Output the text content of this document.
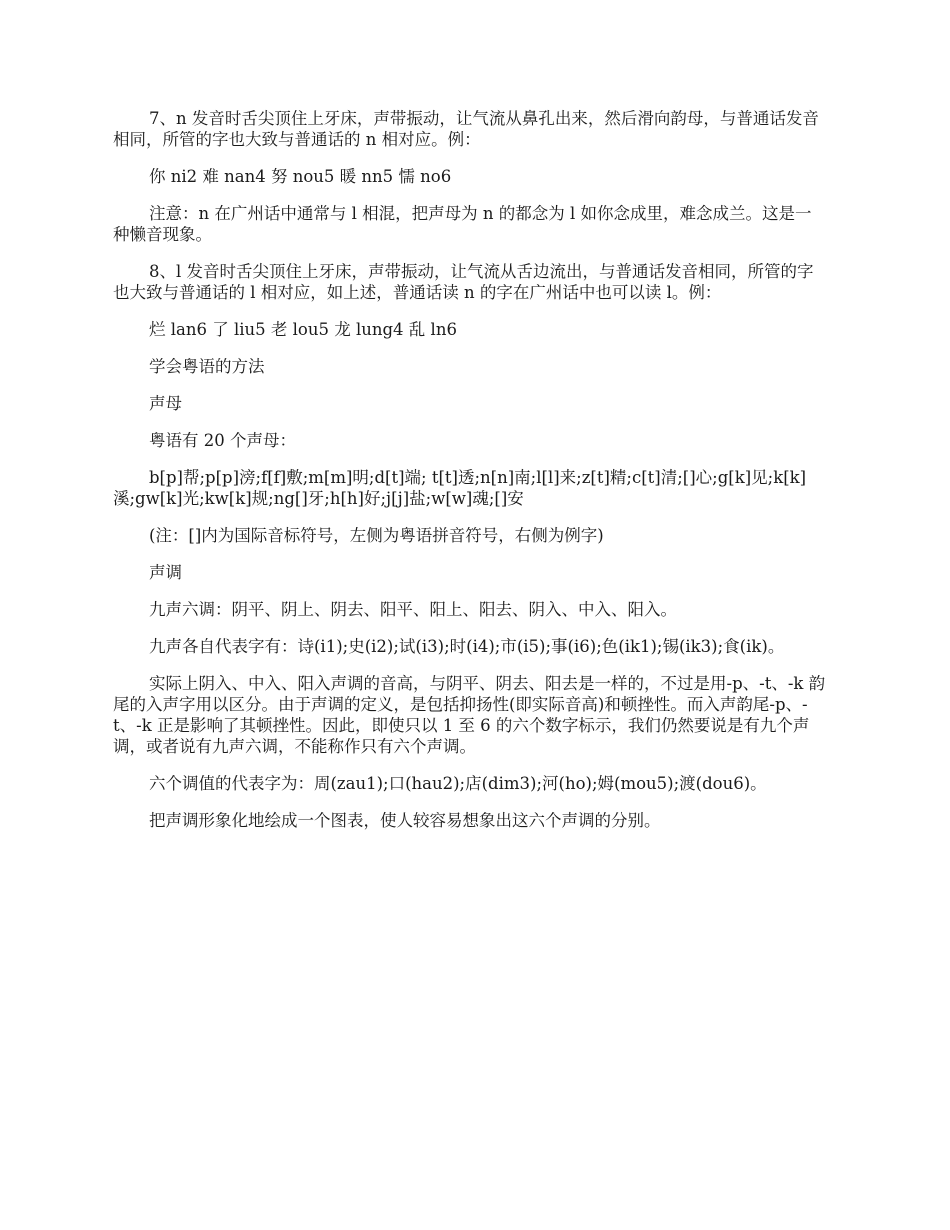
7、n 发音时舌尖顶住上牙床，声带振动，让气流从鼻孔出来，然后滑向韵母，与普通话发音相同，所管的字也大致与普通话的 n 相对应。例：

你 ni2 难 nan4 努 nou5 暖 nn5 懦 no6

注意：n 在广州话中通常与 l 相混，把声母为 n 的都念为 l 如你念成里，难念成兰。这是一种懒音现象。

8、l 发音时舌尖顶住上牙床，声带振动，让气流从舌边流出，与普通话发音相同，所管的字也大致与普通话的 l 相对应，如上述，普通话读 n 的字在广州话中也可以读 l。例：

烂 lan6 了 liu5 老 lou5 龙 lung4 乱 ln6

学会粤语的方法

声母

粤语有 20 个声母：

b[p]帮;p[p]滂;f[f]敷;m[m]明;d[t]端; t[t]透;n[n]南;l[l]来;z[t]精;c[t]清;[]心;g[k]见;k[k]溪;gw[k]光;kw[k]规;ng[]牙;h[h]好;j[j]盐;w[w]魂;[]安

(注：[]内为国际音标符号，左侧为粤语拼音符号，右侧为例字)

声调

九声六调：阴平、阴上、阴去、阳平、阳上、阳去、阴入、中入、阳入。

九声各自代表字有：诗(i1);史(i2);试(i3);时(i4);市(i5);事(i6);色(ik1);锡(ik3);食(ik)。

实际上阴入、中入、阳入声调的音高，与阴平、阴去、阳去是一样的，不过是用-p、-t、-k 韵尾的入声字用以区分。由于声调的定义，是包括抑扬性(即实际音高)和顿挫性。而入声韵尾-p、-t、-k 正是影响了其顿挫性。因此，即使只以 1 至 6 的六个数字标示，我们仍然要说是有九个声调，或者说有九声六调，不能称作只有六个声调。

六个调值的代表字为：周(zau1);口(hau2);店(dim3);河(ho);姆(mou5);渡(dou6)。

把声调形象化地绘成一个图表，使人较容易想象出这六个声调的分别。
